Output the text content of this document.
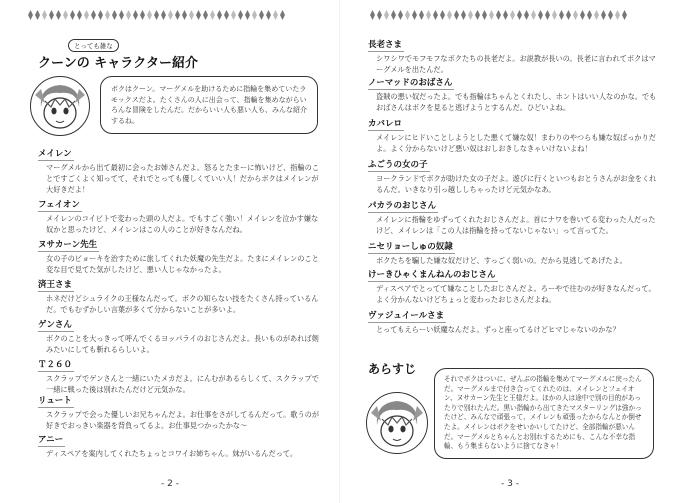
とっても雑な
クーンの キャラクター紹介
ボクはクーン。マーグメルを助けるために指輪を集めていたラモックスだよ。たくさんの人に出会って、指輪を集めながらいろんな冒険をしたんだ。だからいい人も悪い人も、みんな紹介するね。
メイレン
マーグメルから出て最初に会ったお姉さんだよ。怒るとたまーに怖いけど、指輪のことですごくよく知ってて、それでとっても優しくていい人！だからボクはメイレンが大好きだよ！
フェイオン
メイレンのコイビトで変わった頭の人だよ。でもすごく強い！メイレンを泣かす嫌な奴かと思ったけど、メイレンはこの人のことが好きなんだね。
ヌサカーン先生
女の子のビョーキを治すために旅してくれた妖魔の先生だよ。たまにメイレンのこと変な目で見てた気がしたけど、悪い人じゃなかったよ。
済王さま
ホネだけどシュライクの王様なんだって。ボクの知らない技をたくさん持っているんだ。でもむずかしい言葉が多くて分からないことが多いよ。
ゲンさん
ボクのことを大っきって呼んでくるヨッパライのおじさんだよ。長いものがあれば剣みたいにしても斬れるらしいよ。
Ｔ２６０
スクラップでゲンさんと一緒にいたメカだよ。にんむがあるらしくて、スクラップで一緒に戦った後は別れたんだけど元気かな。
リュート
スクラップで会った優しいお兄ちゃんだよ。お仕事をさがしてるんだって。歌うのが好きでおっきい楽器を背負ってるよ。お仕事見つかったかな～
アニー
ディスペアを案内してくれたちょっとコワイお姉ちゃん。妹がいるんだって。
- 2 -
長老さま
シワシワでモフモフなボクたちの長老だよ。お説教が長いの。長老に言われてボクはマーグメルを出たんだ。
ノーマッドのおばさん
盗賊の悪い奴だったよ。でも指輪はちゃんとくれたし、ホントはいい人なのかな。でもおばさんはボクを見ると逃げようとするんだ。ひどいよね。
カバレロ
メイレンにヒドいことしようとした悪くて嫌な奴！まわりのやつらも嫌な奴ばっかりだよ。よく分からないけど悪い奴はおしおきしなきゃいけないよね！
ふごうの女の子
ヨークランドでボクが助けた女の子だよ。遊びに行くといつもおとうさんがお金をくれるんだ。いきなり引っ越ししちゃったけど元気かなあ。
パカラのおじさん
メイレンに指輪をゆずってくれたおじさんだよ。首にナワを巻いてる変わった人だったけど、メイレンは「この人は指輪を持ってないじゃない」って言ってた。
ニセリョーしゅの奴隷
ボクたちを騙した嫌な奴だけど、すっごく弱いの。だから見逃してあげたよ。
けーきひゃくまんねんのおじさん
ディスペアでとってて嫌なことしたおじさんだよ。ろーやで往むのが好きなんだって。よく分かんないけどちょっと変わったおじさんだよね。
ヴァジュイールさま
とってもえらーい妖魔なんだよ。ずっと座ってるけどヒマじゃないのかな？
あらすじ
それでボクはついに、ぜんぶの指輪を集めてマーグメルに戻ったんだ。マーグメルまで付き合ってくれたのは、メイレンとフェイオン、ヌサカーン先生と王様だよ。ほかの人は途中で別の目的があったりで別れたんだ。黒い指輪から出てきたマスターリングは強かったけど、みんなで頑張って、メイレンも頑張ったからなんとか倒せたよ。メイレンはボクをせいかいしてたけど、全部指輪が悪いんだ。マーグメルとちゃんとお別れするためにも、こんな不幸な指輪、もう集まらないように捨てなきゃ！
- 3 -
